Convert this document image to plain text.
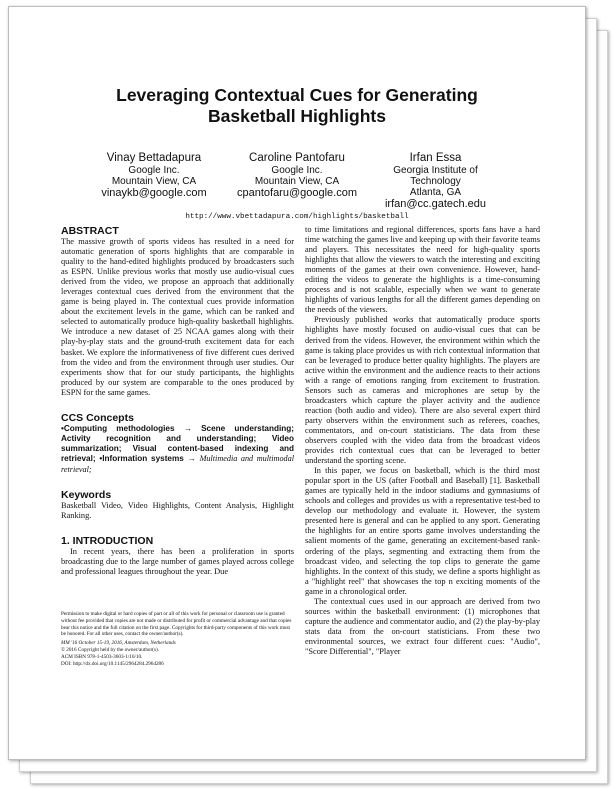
Leveraging Contextual Cues for Generating
Basketball Highlights
Vinay Bettadapura
Google Inc.
Mountain View, CA
vinaykb@google.com
Caroline Pantofaru
Google Inc.
Mountain View, CA
cpantofaru@google.com
Irfan Essa
Georgia Institute of
Technology
Atlanta, GA
irfan@cc.gatech.edu
http://www.vbettadapura.com/highlights/basketball
ABSTRACT

The massive growth of sports videos has resulted in a need for automatic generation of sports highlights that are comparable in quality to the hand-edited highlights produced by broadcasters such as ESPN. Unlike previous works that mostly use audio-visual cues derived from the video, we propose an approach that additionally leverages contextual cues derived from the environment that the game is being played in. The contextual cues provide information about the excitement levels in the game, which can be ranked and selected to automatically produce high-quality basketball highlights. We introduce a new dataset of 25 NCAA games along with their play-by-play stats and the ground-truth excitement data for each basket. We explore the informativeness of five different cues derived from the video and from the environment through user studies. Our experiments show that for our study participants, the highlights produced by our system are comparable to the ones produced by ESPN for the same games.

CCS Concepts
•Computing methodologies → Scene understanding; Activity recognition and understanding; Video summarization; Visual content-based indexing and retrieval; •Information systems → Multimedia and multimodal retrieval;
Keywords

Basketball Video, Video Highlights, Content Analysis, Highlight Ranking.

1. INTRODUCTION

In recent years, there has been a proliferation in sports broadcasting due to the large number of games played across college and professional leagues throughout the year. Due

Permission to make digital or hard copies of part or all of this work for personal or classroom use is granted without fee provided that copies are not made or distributed for profit or commercial advantage and that copies bear this notice and the full citation on the first page. Copyrights for third-party components of this work must be honored. For all other uses, contact the owner/author(s).

MM '16 October 15-19, 2016, Amsterdam, Netherlands

© 2016 Copyright held by the owner/author(s).

ACM ISBN 978-1-4503-3603-1/16/10.

DOI: http://dx.doi.org/10.1145/2964284.2964286

to time limitations and regional differences, sports fans have a hard time watching the games live and keeping up with their favorite teams and players. This necessitates the need for high-quality sports highlights that allow the viewers to watch the interesting and exciting moments of the games at their own convenience. However, hand-editing the videos to generate the highlights is a time-consuming process and is not scalable, especially when we want to generate highlights of various lengths for all the different games depending on the needs of the viewers.

Previously published works that automatically produce sports highlights have mostly focused on audio-visual cues that can be derived from the videos. However, the environment within which the game is taking place provides us with rich contextual information that can be leveraged to produce better quality highlights. The players are active within the environment and the audience reacts to their actions with a range of emotions ranging from excitement to frustration. Sensors such as cameras and microphones are setup by the broadcasters which capture the player activity and the audience reaction (both audio and video). There are also several expert third party observers within the environment such as referees, coaches, commentators, and on-court statisticians. The data from these observers coupled with the video data from the broadcast videos provides rich contextual cues that can be leveraged to better understand the sporting scene.

In this paper, we focus on basketball, which is the third most popular sport in the US (after Football and Baseball) [1]. Basketball games are typically held in the indoor stadiums and gymnasiums of schools and colleges and provides us with a representative test-bed to develop our methodology and evaluate it. However, the system presented here is general and can be applied to any sport. Generating the highlights for an entire sports game involves understanding the salient moments of the game, generating an excitement-based rank-ordering of the plays, segmenting and extracting them from the broadcast video, and selecting the top clips to generate the game highlights. In the context of this study, we define a sports highlight as a "highlight reel" that showcases the top n exciting moments of the game in a chronological order.

The contextual cues used in our approach are derived from two sources within the basketball environment: (1) microphones that capture the audience and commentator audio, and (2) the play-by-play stats data from the on-court statisticians. From these two environmental sources, we extract four different cues: "Audio", "Score Differential", "Player
